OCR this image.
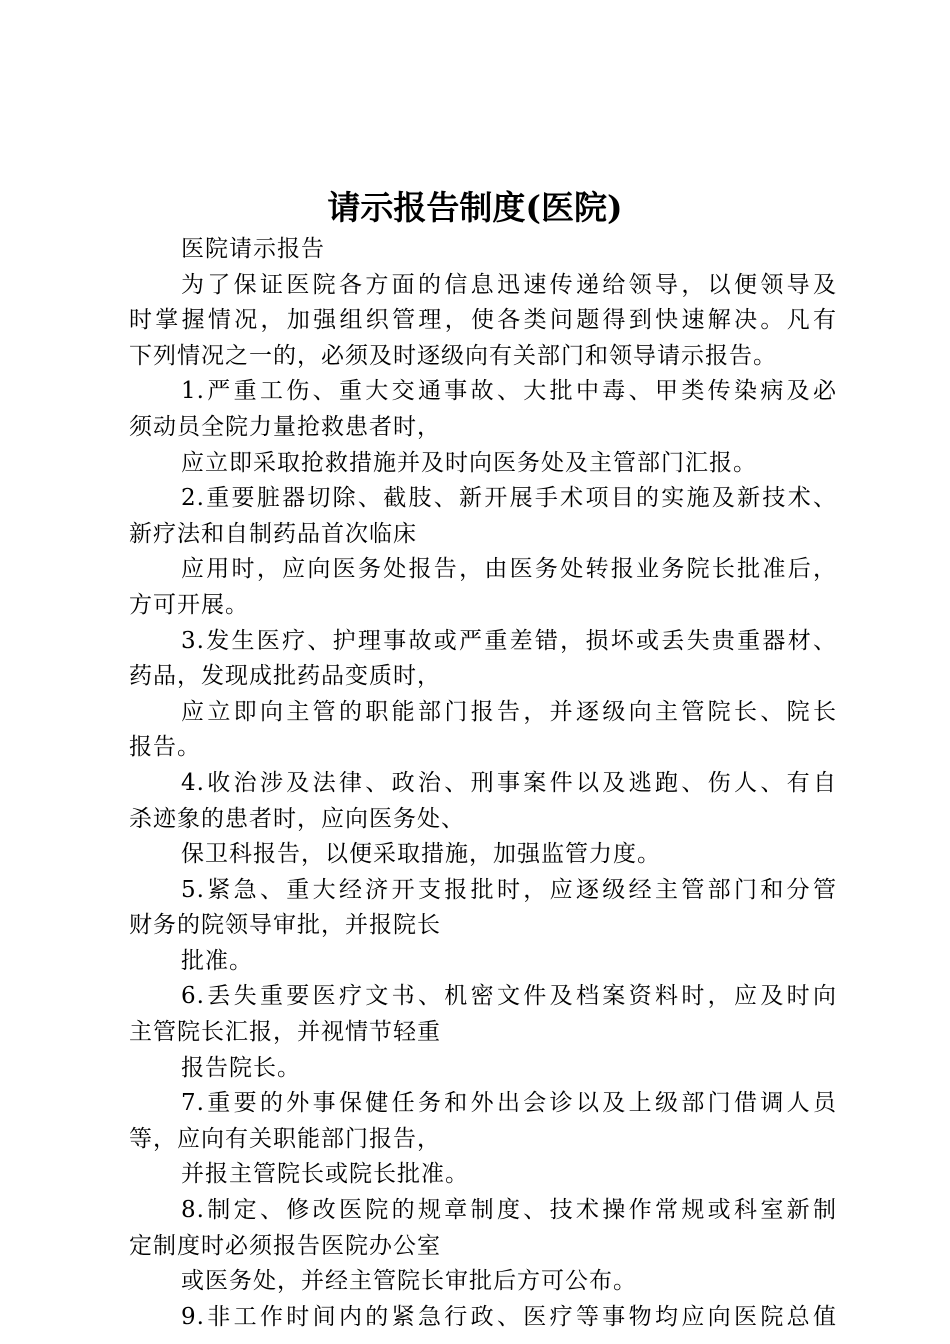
请示报告制度(医院)
医院请示报告
为了保证医院各方面的信息迅速传递给领导，以便领导及
时掌握情况，加强组织管理，使各类问题得到快速解决。凡有
下列情况之一的，必须及时逐级向有关部门和领导请示报告。
1.严重工伤、重大交通事故、大批中毒、甲类传染病及必
须动员全院力量抢救患者时，
应立即采取抢救措施并及时向医务处及主管部门汇报。
2.重要脏器切除、截肢、新开展手术项目的实施及新技术、
新疗法和自制药品首次临床
应用时，应向医务处报告，由医务处转报业务院长批准后，
方可开展。
3.发生医疗、护理事故或严重差错，损坏或丢失贵重器材、
药品，发现成批药品变质时，
应立即向主管的职能部门报告，并逐级向主管院长、院长
报告。
4.收治涉及法律、政治、刑事案件以及逃跑、伤人、有自
杀迹象的患者时，应向医务处、
保卫科报告，以便采取措施，加强监管力度。
5.紧急、重大经济开支报批时，应逐级经主管部门和分管
财务的院领导审批，并报院长
批准。
6.丢失重要医疗文书、机密文件及档案资料时，应及时向
主管院长汇报，并视情节轻重
报告院长。
7.重要的外事保健任务和外出会诊以及上级部门借调人员
等，应向有关职能部门报告，
并报主管院长或院长批准。
8.制定、修改医院的规章制度、技术操作常规或科室新制
定制度时必须报告医院办公室
或医务处，并经主管院长审批后方可公布。
9.非工作时间内的紧急行政、医疗等事物均应向医院总值
